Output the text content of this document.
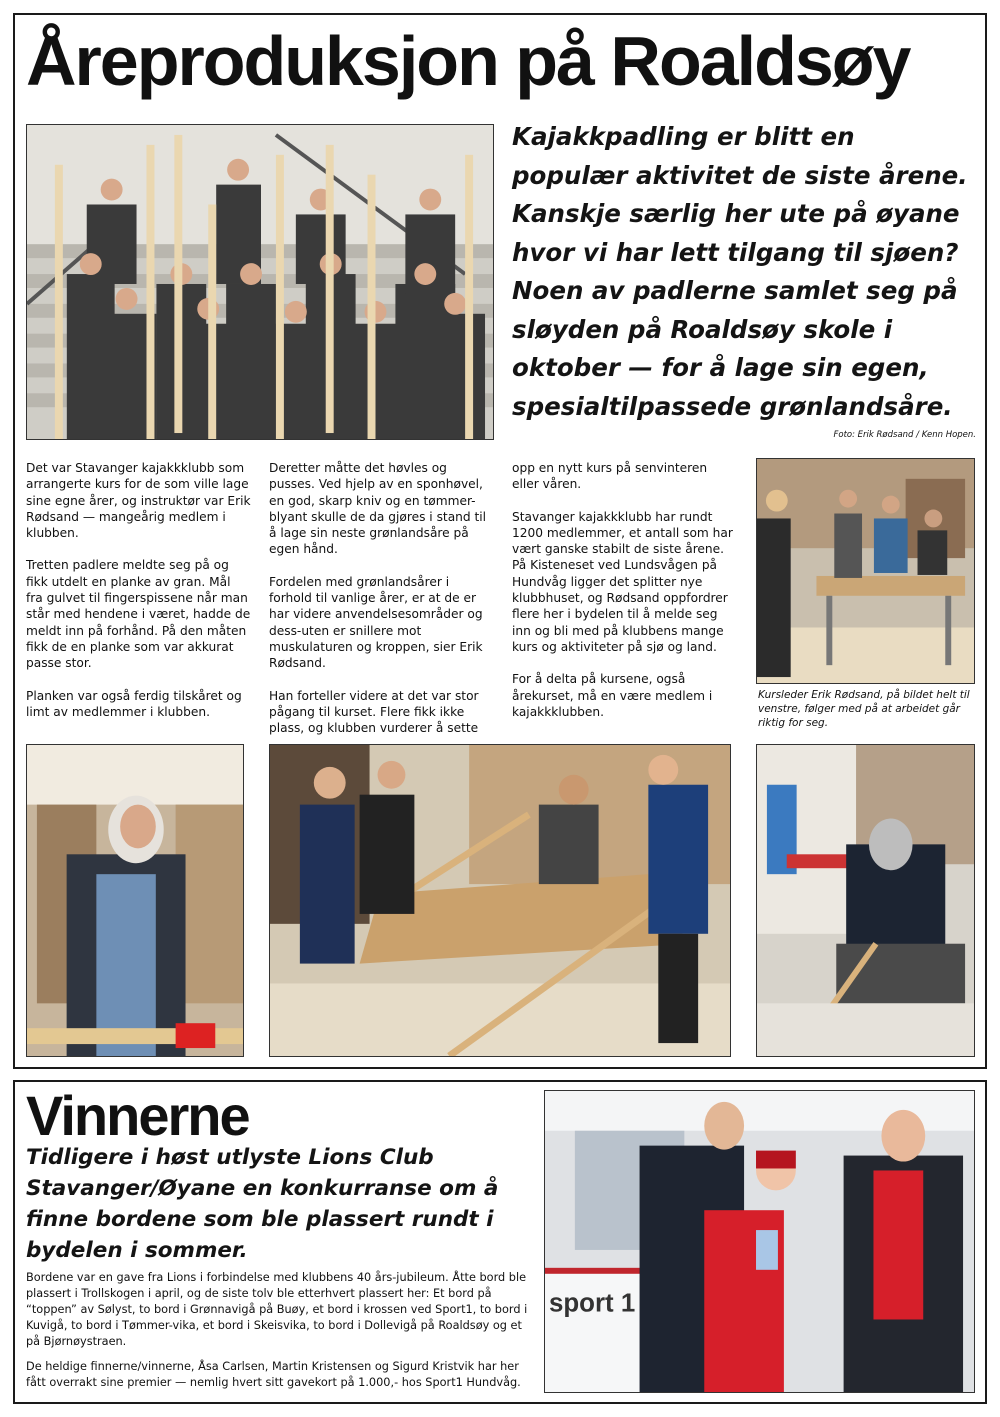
Åreproduksjon på Roaldsøy
Kajakkpadling er blitt en populær aktivitet de siste årene. Kanskje særlig her ute på øyane hvor vi har lett tilgang til sjøen? Noen av padlerne samlet seg på sløyden på Roaldsøy skole i oktober — for å lage sin egen, spesialtilpassede grønlandsåre.
Foto: Erik Rødsand / Kenn Hopen.

Det var Stavanger kajakkklubb som arrangerte kurs for de som ville lage sine egne årer, og instruktør var Erik Rødsand — mangeårig medlem i klubben.

Tretten padlere meldte seg på og fikk utdelt en planke av gran. Mål fra gulvet til fingerspissene når man står med hendene i været, hadde de meldt inn på forhånd. På den måten fikk de en planke som var akkurat passe stor.

Planken var også ferdig tilskåret og limt av medlemmer i klubben.

Deretter måtte det høvles og pusses. Ved hjelp av en sponhøvel, en god, skarp kniv og en tømmer-blyant skulle de da gjøres i stand til å lage sin neste grønlandsåre på egen hånd.

Fordelen med grønlandsårer i forhold til vanlige årer, er at de er har videre anvendelsesområder og dess-uten er snillere mot muskulaturen og kroppen, sier Erik Rødsand.

Han forteller videre at det var stor pågang til kurset. Flere fikk ikke plass, og klubben vurderer å sette

opp en nytt kurs på senvinteren eller våren.

Stavanger kajakkklubb har rundt 1200 medlemmer, et antall som har vært ganske stabilt de siste årene. På Kisteneset ved Lundsvågen på Hundvåg ligger det splitter nye klubbhuset, og Rødsand oppfordrer flere her i bydelen til å melde seg inn og bli med på klubbens mange kurs og aktiviteter på sjø og land.

For å delta på kursene, også årekurset, må en være medlem i kajakkklubben.

Kursleder Erik Rødsand, på bildet helt til venstre, følger med på at arbeidet går riktig for seg.
Vinnerne
Tidligere i høst utlyste Lions Club Stavanger/Øyane en konkurranse om å finne bordene som ble plassert rundt i bydelen i sommer.

Bordene var en gave fra Lions i forbindelse med klubbens 40 års-jubileum. Åtte bord ble plassert i Trollskogen i april, og de siste tolv ble etterhvert plassert her: Et bord på “toppen” av Sølyst, to bord i Grønnavigå på Buøy, et bord i krossen ved Sport1, to bord i Kuvigå, to bord i Tømmer-vika, et bord i Skeisvika, to bord i Dollevigå på Roaldsøy og et på Bjørnøystraen.

De heldige finnerne/vinnerne, Åsa Carlsen, Martin Kristensen og Sigurd Kristvik har her fått overrakt sine premier — nemlig hvert sitt gavekort på 1.000,- hos Sport1 Hundvåg.

sport 1
